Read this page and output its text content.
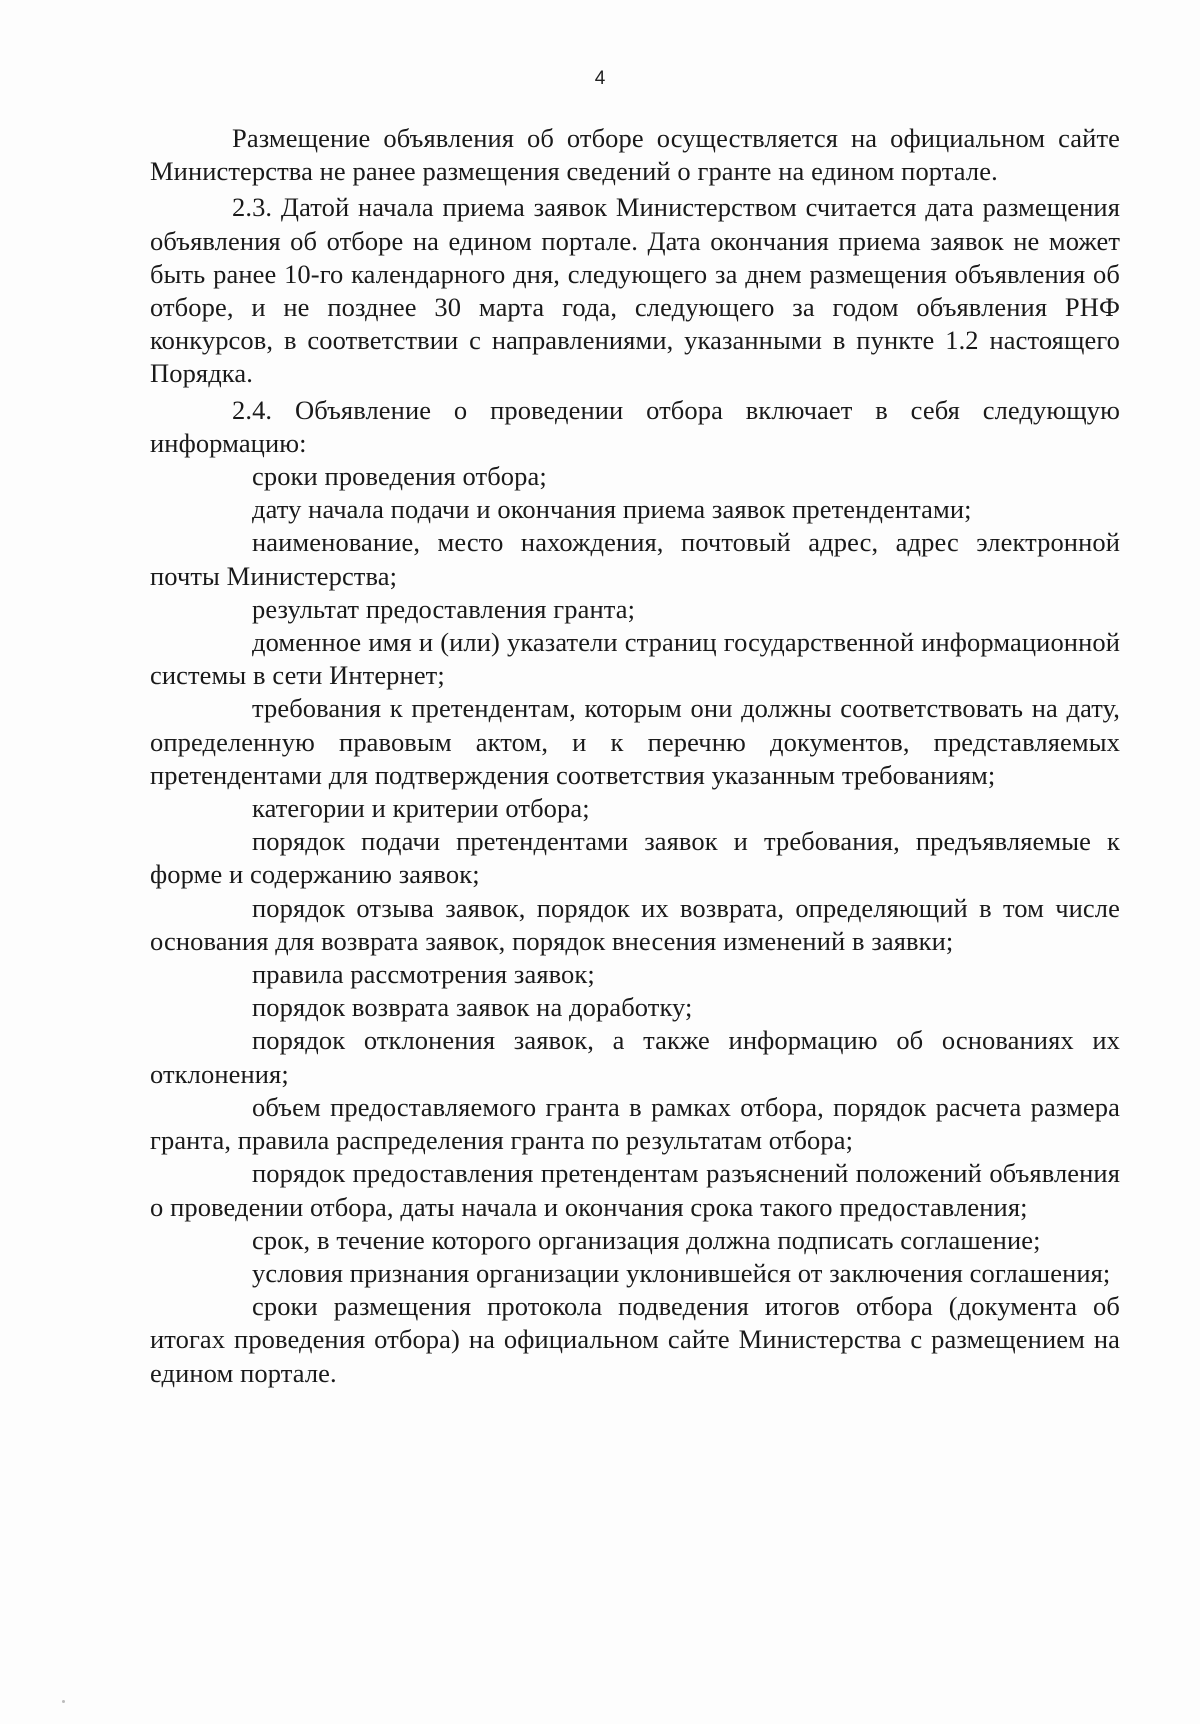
4

Размещение объявления об отборе осуществляется на официальном сайте Министерства не ранее размещения сведений о гранте на едином портале.

2.3. Датой начала приема заявок Министерством считается дата размещения объявления об отборе на едином портале. Дата окончания приема заявок не может быть ранее 10-го календарного дня, следующего за днем размещения объявления об отборе, и не позднее 30 марта года, следующего за годом объявления РНФ конкурсов, в соответствии с направлениями, указанными в пункте 1.2 настоящего Порядка.

2.4. Объявление о проведении отбора включает в себя следующую информацию:

сроки проведения отбора;

дату начала подачи и окончания приема заявок претендентами;

наименование, место нахождения, почтовый адрес, адрес электронной почты Министерства;

результат предоставления гранта;

доменное имя и (или) указатели страниц государственной информационной системы в сети Интернет;

требования к претендентам, которым они должны соответствовать на дату, определенную правовым актом, и к перечню документов, представляемых претендентами для подтверждения соответствия указанным требованиям;

категории и критерии отбора;

порядок подачи претендентами заявок и требования, предъявляемые к форме и содержанию заявок;

порядок отзыва заявок, порядок их возврата, определяющий в том числе основания для возврата заявок, порядок внесения изменений в заявки;

правила рассмотрения заявок;

порядок возврата заявок на доработку;

порядок отклонения заявок, а также информацию об основаниях их отклонения;

объем предоставляемого гранта в рамках отбора, порядок расчета размера гранта, правила распределения гранта по результатам отбора;

порядок предоставления претендентам разъяснений положений объявления о проведении отбора, даты начала и окончания срока такого предоставления;

срок, в течение которого организация должна подписать соглашение;

условия признания организации уклонившейся от заключения соглашения;

сроки размещения протокола подведения итогов отбора (документа об итогах проведения отбора) на официальном сайте Министерства с размещением на едином портале.
